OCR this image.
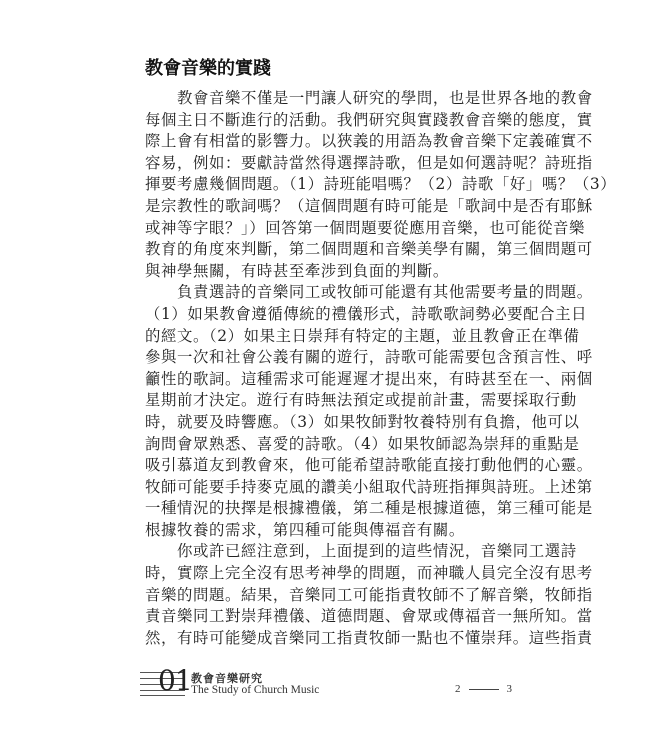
教會音樂的實踐
　　教會音樂不僅是一門讓人研究的學問，也是世界各地的教會
每個主日不斷進行的活動。我們研究與實踐教會音樂的態度，實
際上會有相當的影響力。以狹義的用語為教會音樂下定義確實不
容易，例如：要獻詩當然得選擇詩歌，但是如何選詩呢？詩班指
揮要考慮幾個問題。（1）詩班能唱嗎？（2）詩歌「好」嗎？（3）
是宗教性的歌詞嗎？（這個問題有時可能是「歌詞中是否有耶穌
或神等字眼？」）回答第一個問題要從應用音樂，也可能從音樂
教育的角度來判斷，第二個問題和音樂美學有關，第三個問題可
與神學無關，有時甚至牽涉到負面的判斷。
　　負責選詩的音樂同工或牧師可能還有其他需要考量的問題。
（1）如果教會遵循傳統的禮儀形式，詩歌歌詞勢必要配合主日
的經文。（2）如果主日崇拜有特定的主題，並且教會正在準備
參與一次和社會公義有關的遊行，詩歌可能需要包含預言性、呼
籲性的歌詞。這種需求可能遲遲才提出來，有時甚至在一、兩個
星期前才決定。遊行有時無法預定或提前計畫，需要採取行動
時，就要及時響應。（3）如果牧師對牧養特別有負擔，他可以
詢問會眾熟悉、喜愛的詩歌。（4）如果牧師認為崇拜的重點是
吸引慕道友到教會來，他可能希望詩歌能直接打動他們的心靈。
牧師可能要手持麥克風的讚美小組取代詩班指揮與詩班。上述第
一種情況的抉擇是根據禮儀，第二種是根據道德，第三種可能是
根據牧養的需求，第四種可能與傳福音有關。
　　你或許已經注意到，上面提到的這些情況，音樂同工選詩
時，實際上完全沒有思考神學的問題，而神職人員完全沒有思考
音樂的問題。結果，音樂同工可能指責牧師不了解音樂，牧師指
責音樂同工對崇拜禮儀、道德問題、會眾或傳福音一無所知。當
然，有時可能變成音樂同工指責牧師一點也不懂崇拜。這些指責
01 教會音樂研究
The Study of Church Music	2	3
